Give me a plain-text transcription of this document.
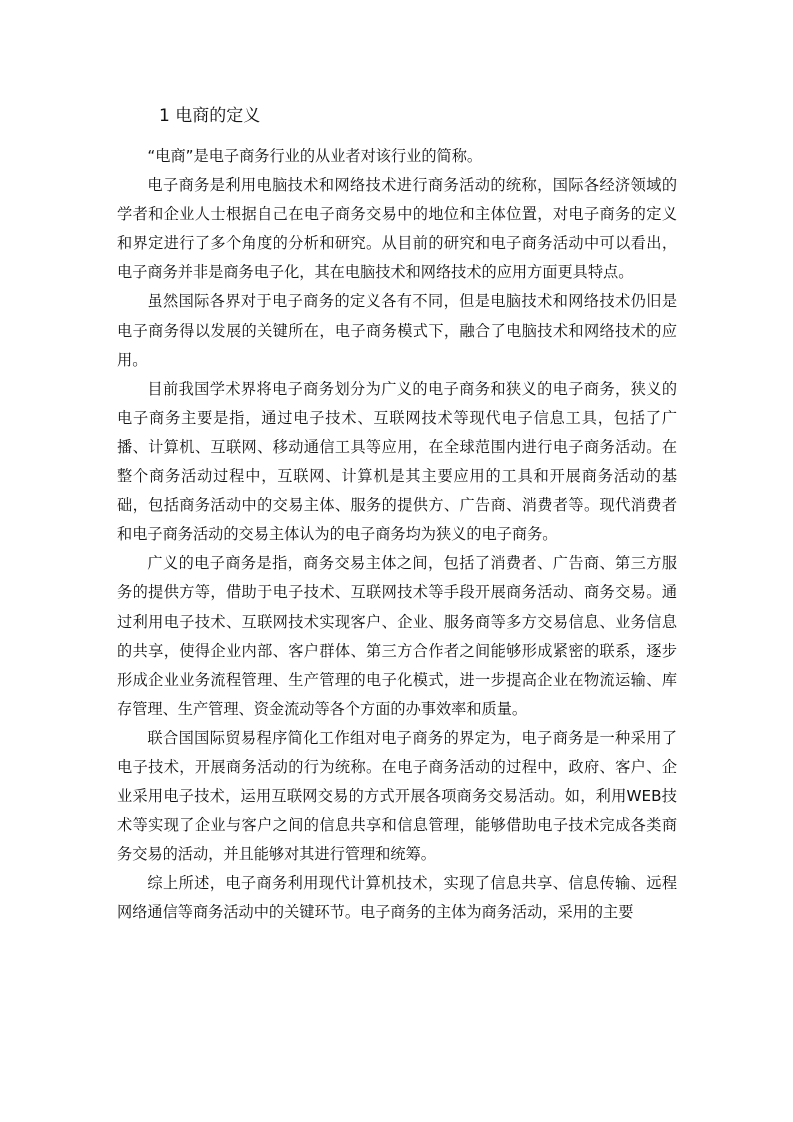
1 电商的定义

“电商”是电子商务行业的从业者对该行业的简称。

电子商务是利用电脑技术和网络技术进行商务活动的统称，国际各经济领域的学者和企业人士根据自己在电子商务交易中的地位和主体位置，对电子商务的定义和界定进行了多个角度的分析和研究。从目前的研究和电子商务活动中可以看出，电子商务并非是商务电子化，其在电脑技术和网络技术的应用方面更具特点。

虽然国际各界对于电子商务的定义各有不同，但是电脑技术和网络技术仍旧是电子商务得以发展的关键所在，电子商务模式下，融合了电脑技术和网络技术的应用。

目前我国学术界将电子商务划分为广义的电子商务和狭义的电子商务，狭义的电子商务主要是指，通过电子技术、互联网技术等现代电子信息工具，包括了广播、计算机、互联网、移动通信工具等应用，在全球范围内进行电子商务活动。在整个商务活动过程中，互联网、计算机是其主要应用的工具和开展商务活动的基础，包括商务活动中的交易主体、服务的提供方、广告商、消费者等。现代消费者和电子商务活动的交易主体认为的电子商务均为狭义的电子商务。

广义的电子商务是指，商务交易主体之间，包括了消费者、广告商、第三方服务的提供方等，借助于电子技术、互联网技术等手段开展商务活动、商务交易。通过利用电子技术、互联网技术实现客户、企业、服务商等多方交易信息、业务信息的共享，使得企业内部、客户群体、第三方合作者之间能够形成紧密的联系，逐步形成企业业务流程管理、生产管理的电子化模式，进一步提高企业在物流运输、库存管理、生产管理、资金流动等各个方面的办事效率和质量。

联合国国际贸易程序简化工作组对电子商务的界定为，电子商务是一种采用了电子技术，开展商务活动的行为统称。在电子商务活动的过程中，政府、客户、企业采用电子技术，运用互联网交易的方式开展各项商务交易活动。如，利用WEB技术等实现了企业与客户之间的信息共享和信息管理，能够借助电子技术完成各类商务交易的活动，并且能够对其进行管理和统筹。

综上所述，电子商务利用现代计算机技术，实现了信息共享、信息传输、远程网络通信等商务活动中的关键环节。电子商务的主体为商务活动，采用的主要
